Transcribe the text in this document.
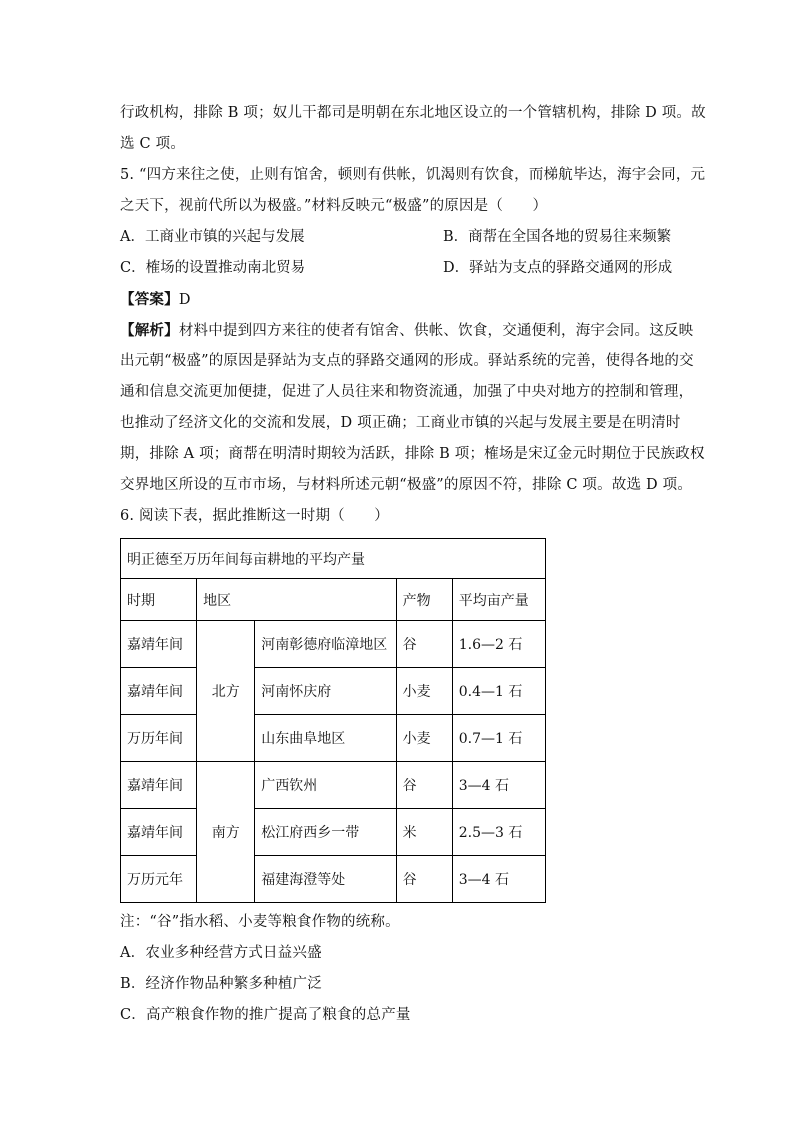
行政机构，排除 B 项；奴儿干都司是明朝在东北地区设立的一个管辖机构，排除 D 项。故
选 C 项。
5. “四方来往之使，止则有馆舍，顿则有供帐，饥渴则有饮食，而梯航毕达，海宇会同，元
之天下，视前代所以为极盛。”材料反映元“极盛”的原因是（　　）
A．工商业市镇的兴起与发展	B．商帮在全国各地的贸易往来频繁
C．榷场的设置推动南北贸易	D．驿站为支点的驿路交通网的形成
【答案】D
【解析】材料中提到四方来往的使者有馆舍、供帐、饮食，交通便利，海宇会同。这反映
出元朝“极盛”的原因是驿站为支点的驿路交通网的形成。驿站系统的完善，使得各地的交
通和信息交流更加便捷，促进了人员往来和物资流通，加强了中央对地方的控制和管理，
也推动了经济文化的交流和发展，D 项正确；工商业市镇的兴起与发展主要是在明清时
期，排除 A 项；商帮在明清时期较为活跃，排除 B 项；榷场是宋辽金元时期位于民族政权
交界地区所设的互市市场，与材料所述元朝“极盛”的原因不符，排除 C 项。故选 D 项。
6. 阅读下表，据此推断这一时期（　　）
明正德至万历年间每亩耕地的平均产量				
时期	地区		产物	平均亩产量
嘉靖年间	北方	河南彰德府临漳地区	谷	1.6—2 石
嘉靖年间		河南怀庆府	小麦	0.4—1 石
万历年间		山东曲阜地区	小麦	0.7—1 石
嘉靖年间	南方	广西钦州	谷	3—4 石
嘉靖年间		松江府西乡一带	米	2.5—3 石
万历元年		福建海澄等处	谷	3—4 石
注：“谷”指水稻、小麦等粮食作物的统称。
A．农业多种经营方式日益兴盛
B．经济作物品种繁多种植广泛
C．高产粮食作物的推广提高了粮食的总产量
